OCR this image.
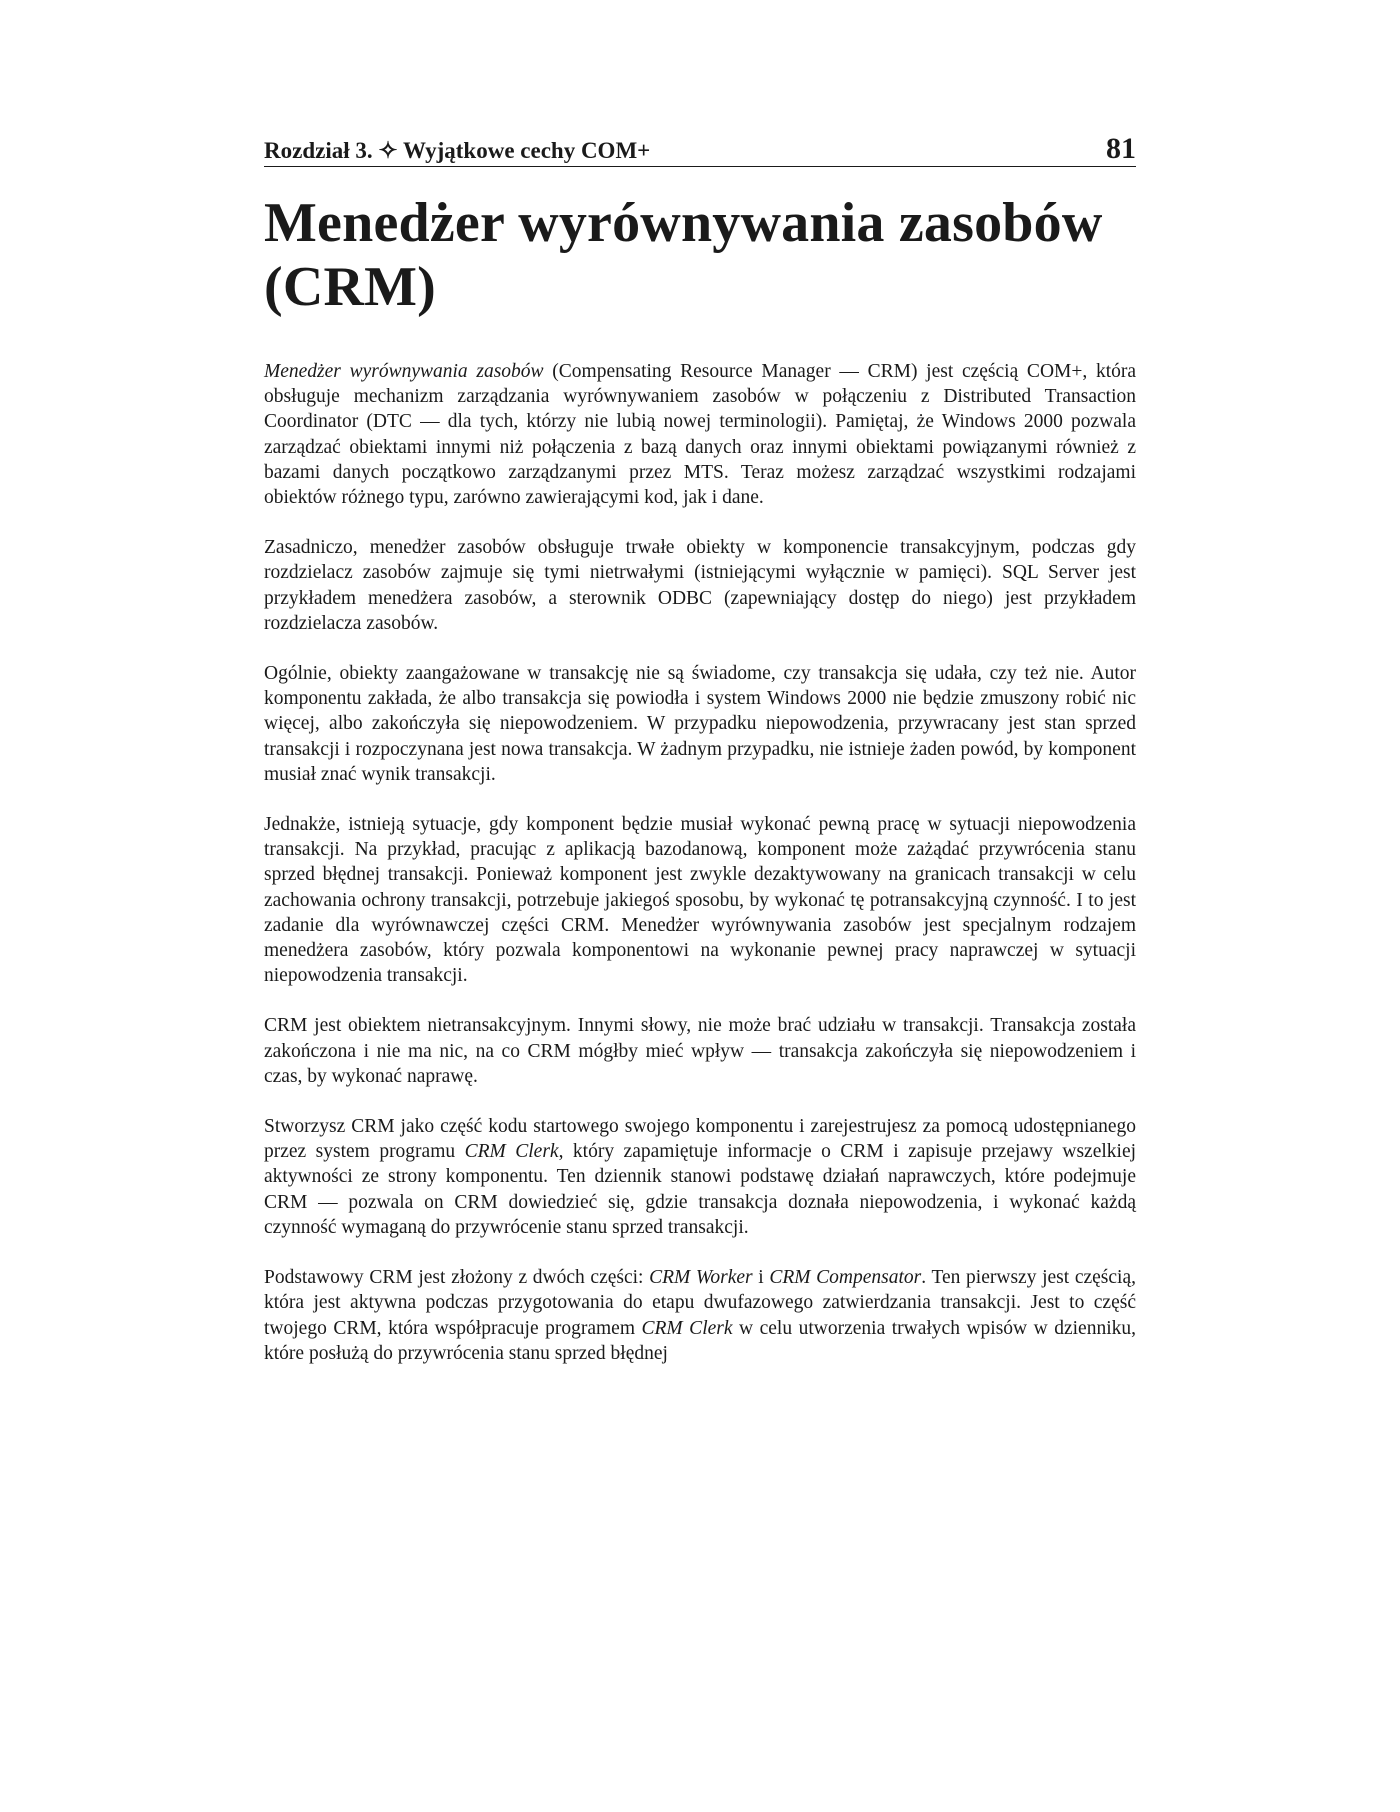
Rozdział 3. ✧ Wyjątkowe cechy COM+	81
Menedżer wyrównywania zasobów
(CRM)

Menedżer wyrównywania zasobów (Compensating Resource Manager — CRM) jest częścią COM+, która obsługuje mechanizm zarządzania wyrównywaniem zasobów w połączeniu z Distributed Transaction Coordinator (DTC — dla tych, którzy nie lubią nowej terminologii). Pamiętaj, że Windows 2000 pozwala zarządzać obiektami innymi niż połączenia z bazą danych oraz innymi obiektami powiązanymi również z bazami danych początkowo zarządzanymi przez MTS. Teraz możesz zarządzać wszystkimi rodzajami obiektów różnego typu, zarówno zawierającymi kod, jak i dane.

Zasadniczo, menedżer zasobów obsługuje trwałe obiekty w komponencie transakcyjnym, podczas gdy rozdzielacz zasobów zajmuje się tymi nietrwałymi (istniejącymi wyłącznie w pamięci). SQL Server jest przykładem menedżera zasobów, a sterownik ODBC (zapewniający dostęp do niego) jest przykładem rozdzielacza zasobów.

Ogólnie, obiekty zaangażowane w transakcję nie są świadome, czy transakcja się udała, czy też nie. Autor komponentu zakłada, że albo transakcja się powiodła i system Windows 2000 nie będzie zmuszony robić nic więcej, albo zakończyła się niepowodzeniem. W przypadku niepowodzenia, przywracany jest stan sprzed transakcji i rozpoczynana jest nowa transakcja. W żadnym przypadku, nie istnieje żaden powód, by komponent musiał znać wynik transakcji.

Jednakże, istnieją sytuacje, gdy komponent będzie musiał wykonać pewną pracę w sytuacji niepowodzenia transakcji. Na przykład, pracując z aplikacją bazodanową, komponent może zażądać przywrócenia stanu sprzed błędnej transakcji. Ponieważ komponent jest zwykle dezaktywowany na granicach transakcji w celu zachowania ochrony transakcji, potrzebuje jakiegoś sposobu, by wykonać tę potransakcyjną czynność. I to jest zadanie dla wyrównawczej części CRM. Menedżer wyrównywania zasobów jest specjalnym rodzajem menedżera zasobów, który pozwala komponentowi na wykonanie pewnej pracy naprawczej w sytuacji niepowodzenia transakcji.

CRM jest obiektem nietransakcyjnym. Innymi słowy, nie może brać udziału w transakcji. Transakcja została zakończona i nie ma nic, na co CRM mógłby mieć wpływ — transakcja zakończyła się niepowodzeniem i czas, by wykonać naprawę.

Stworzysz CRM jako część kodu startowego swojego komponentu i zarejestrujesz za pomocą udostępnianego przez system programu CRM Clerk, który zapamiętuje informacje o CRM i zapisuje przejawy wszelkiej aktywności ze strony komponentu. Ten dziennik stanowi podstawę działań naprawczych, które podejmuje CRM — pozwala on CRM dowiedzieć się, gdzie transakcja doznała niepowodzenia, i wykonać każdą czynność wymaganą do przywrócenie stanu sprzed transakcji.

Podstawowy CRM jest złożony z dwóch części: CRM Worker i CRM Compensator. Ten pierwszy jest częścią, która jest aktywna podczas przygotowania do etapu dwufazowego zatwierdzania transakcji. Jest to część twojego CRM, która współpracuje programem CRM Clerk w celu utworzenia trwałych wpisów w dzienniku, które posłużą do przywrócenia stanu sprzed błędnej
